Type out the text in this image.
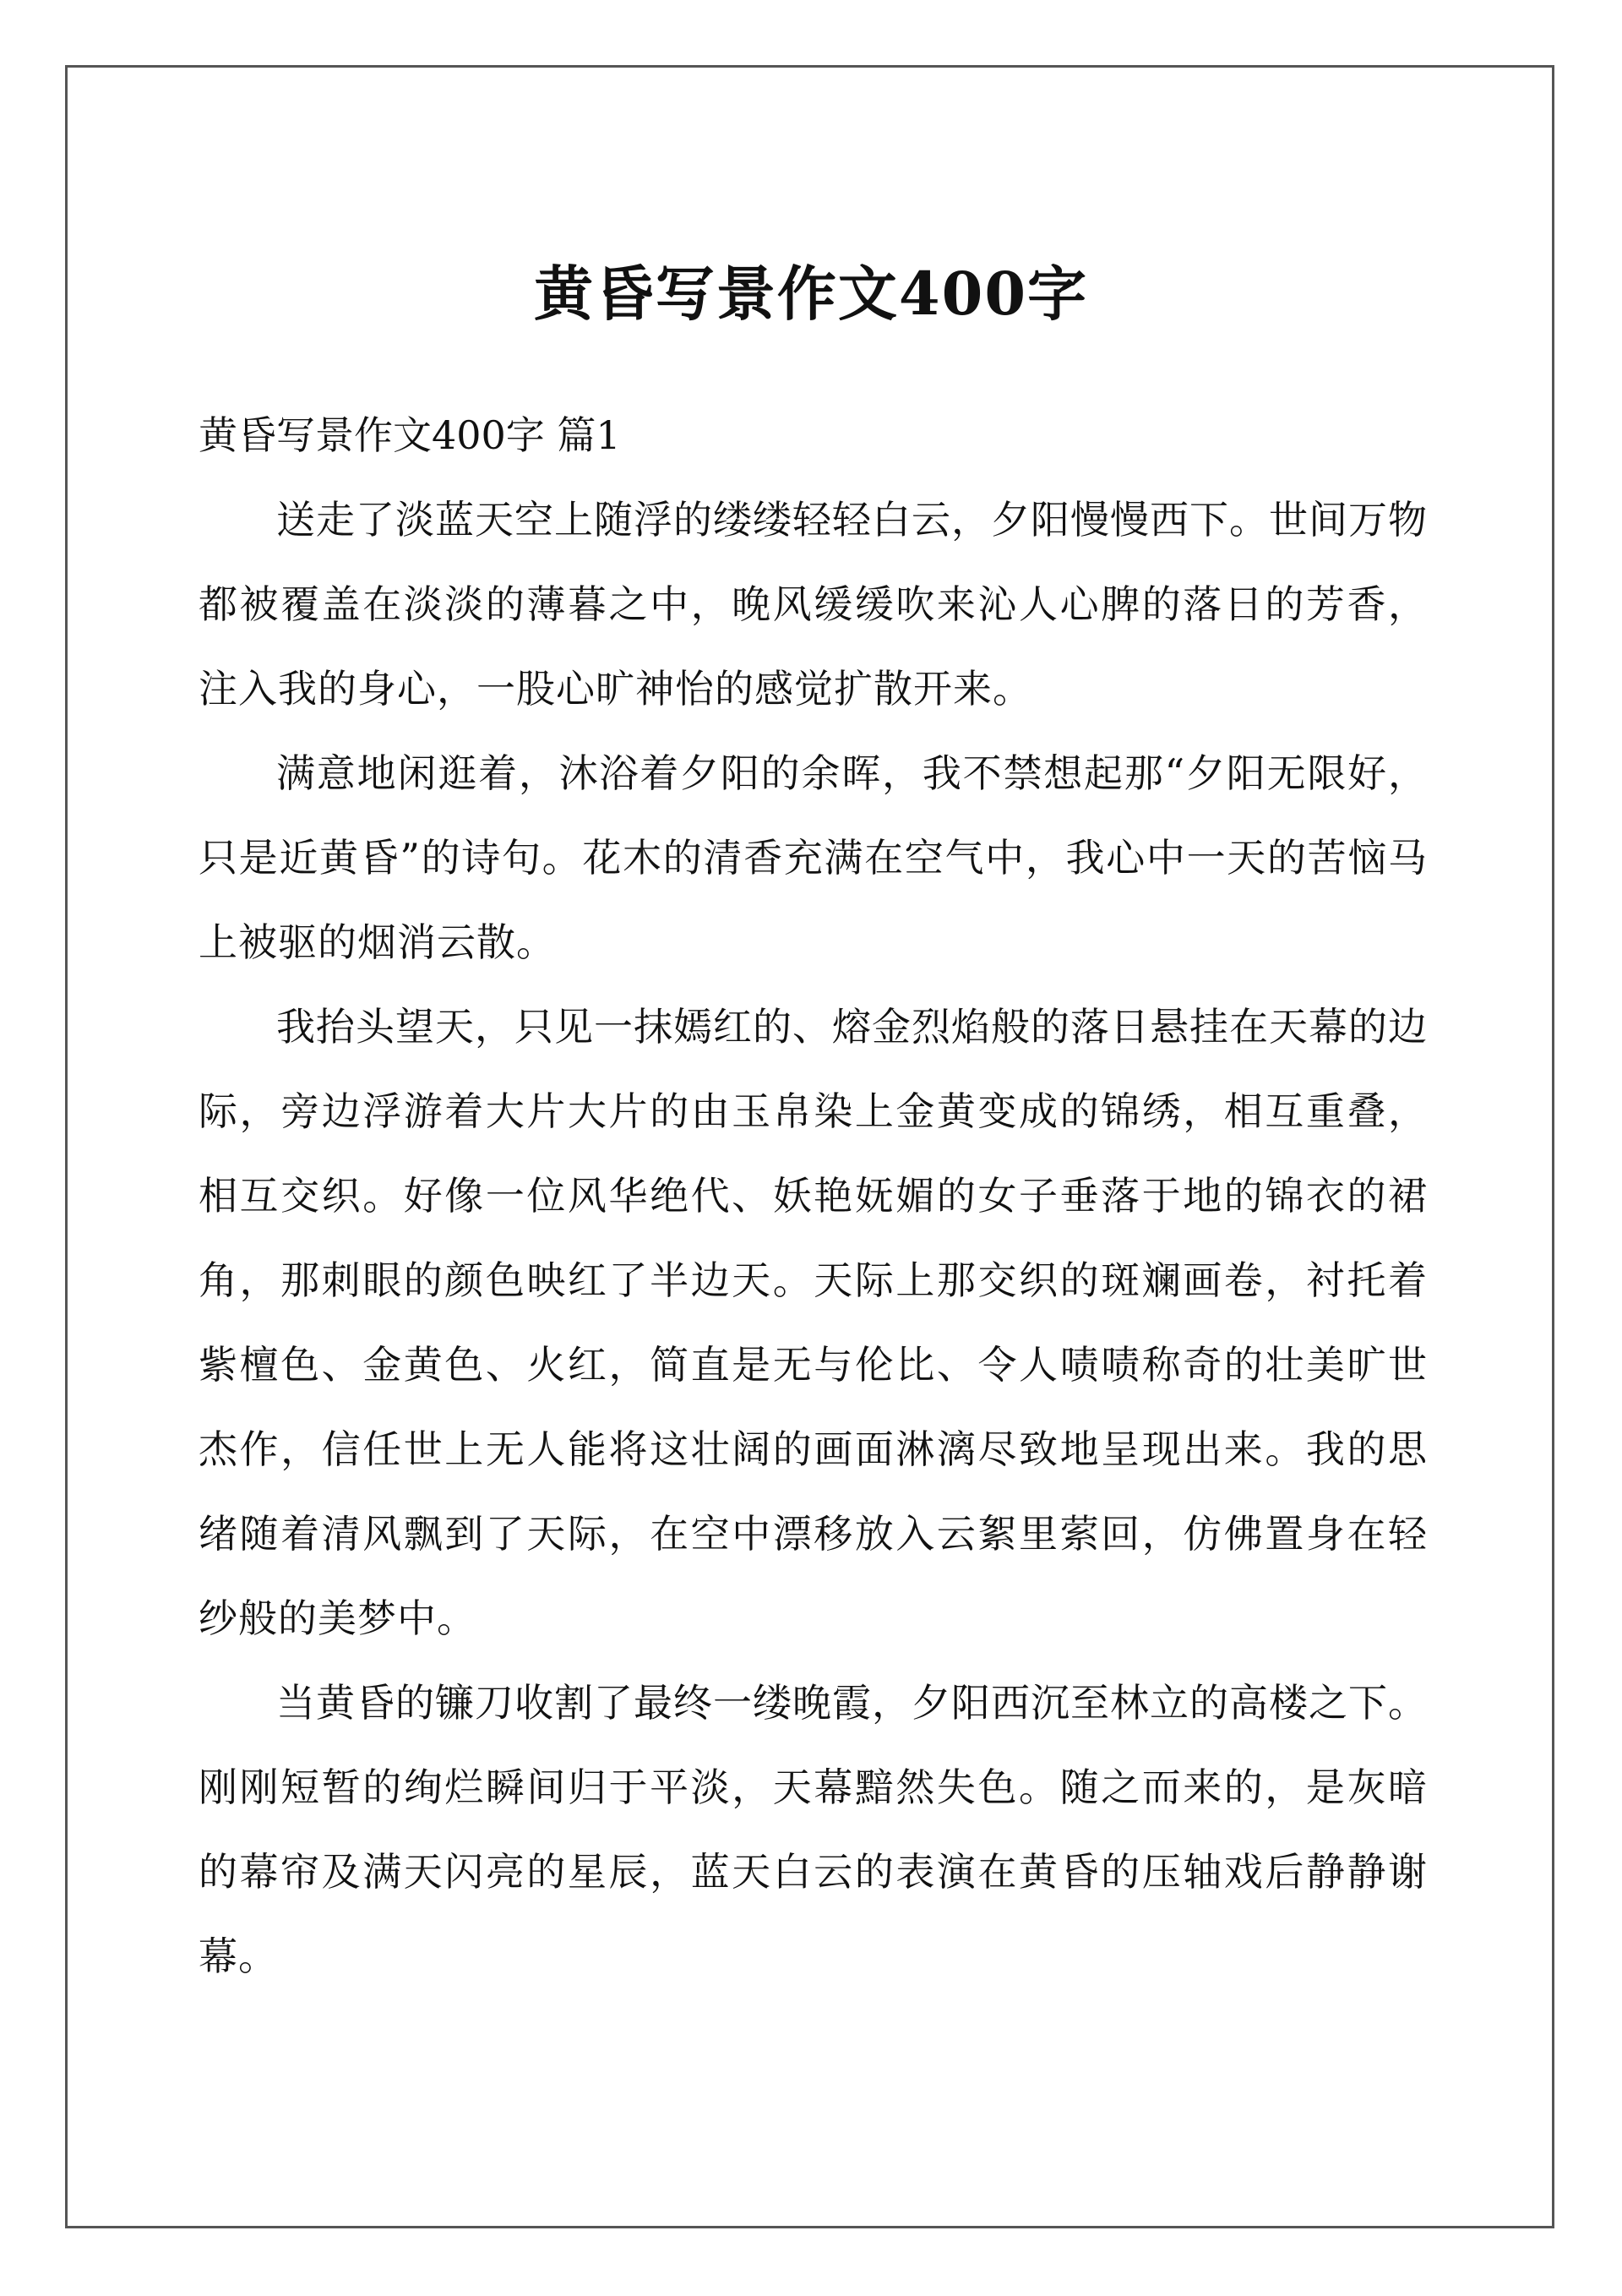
黄昏写景作文400字

黄昏写景作文400字 篇1

送走了淡蓝天空上随浮的缕缕轻轻白云，夕阳慢慢西下。世间万物都被覆盖在淡淡的薄暮之中，晚风缓缓吹来沁人心脾的落日的芳香，注入我的身心，一股心旷神怡的感觉扩散开来。

满意地闲逛着，沐浴着夕阳的余晖，我不禁想起那“夕阳无限好，只是近黄昏”的诗句。花木的清香充满在空气中，我心中一天的苦恼马上被驱的烟消云散。

我抬头望天，只见一抹嫣红的、熔金烈焰般的落日悬挂在天幕的边际，旁边浮游着大片大片的由玉帛染上金黄变成的锦绣，相互重叠，相互交织。好像一位风华绝代、妖艳妩媚的女子垂落于地的锦衣的裙角，那刺眼的颜色映红了半边天。天际上那交织的斑斓画卷，衬托着紫檀色、金黄色、火红，简直是无与伦比、令人啧啧称奇的壮美旷世杰作，信任世上无人能将这壮阔的画面淋漓尽致地呈现出来。我的思绪随着清风飘到了天际，在空中漂移放入云絮里萦回，仿佛置身在轻纱般的美梦中。

当黄昏的镰刀收割了最终一缕晚霞，夕阳西沉至林立的高楼之下。刚刚短暂的绚烂瞬间归于平淡，天幕黯然失色。随之而来的，是灰暗的幕帘及满天闪亮的星辰，蓝天白云的表演在黄昏的压轴戏后静静谢幕。
